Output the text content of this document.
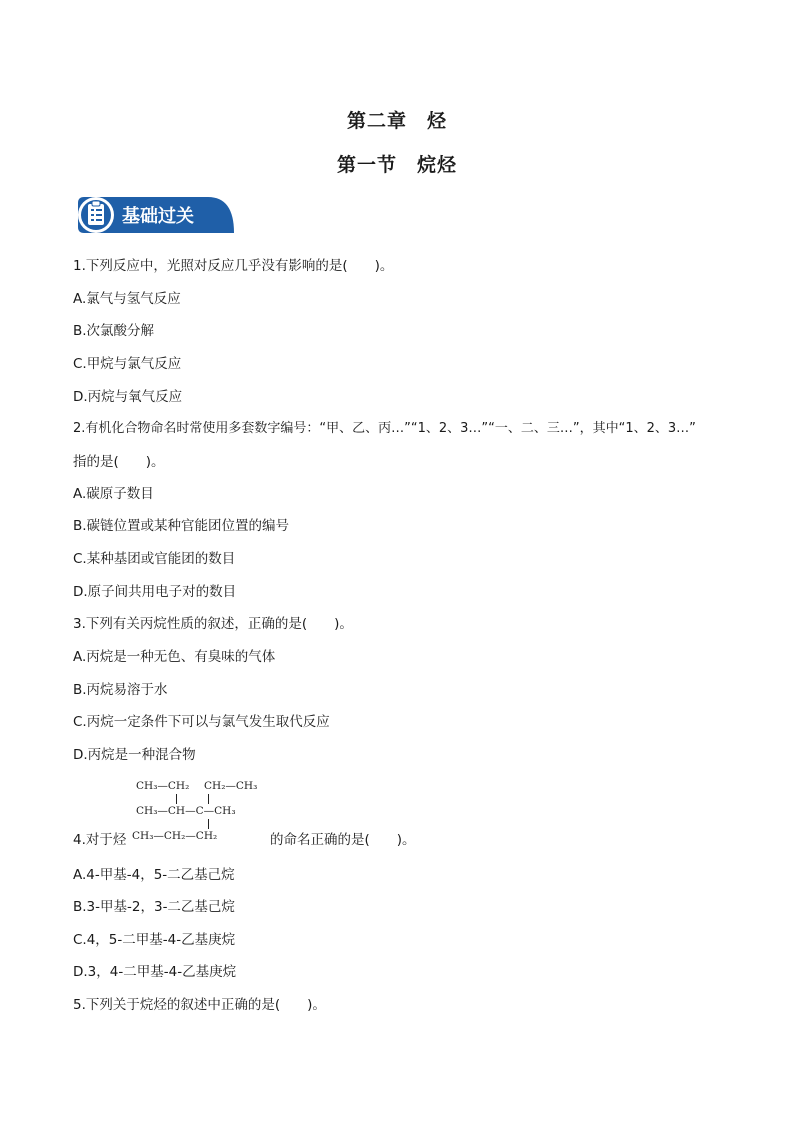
第二章　烃
第一节　烷烃
基础过关
1.下列反应中，光照对反应几乎没有影响的是(　　)。
A.氯气与氢气反应
B.次氯酸分解
C.甲烷与氯气反应
D.丙烷与氧气反应
2.有机化合物命名时常使用多套数字编号：“甲、乙、丙…”“1、2、3…”“一、二、三…”，其中“1、2、3…”
指的是(　　)。
A.碳原子数目
B.碳链位置或某种官能团位置的编号
C.某种基团或官能团的数目
D.原子间共用电子对的数目
3.下列有关丙烷性质的叙述，正确的是(　　)。
A.丙烷是一种无色、有臭味的气体
B.丙烷易溶于水
C.丙烷一定条件下可以与氯气发生取代反应
D.丙烷是一种混合物
CH₃—CH₂ CH₂—CH₃
CH₃—CH—C—CH₃
CH₃—CH₂—CH₂
4.对于烃	的命名正确的是(　　)。
A.4-甲基-4，5-二乙基己烷
B.3-甲基-2，3-二乙基己烷
C.4，5-二甲基-4-乙基庚烷
D.3，4-二甲基-4-乙基庚烷
5.下列关于烷烃的叙述中正确的是(　　)。
